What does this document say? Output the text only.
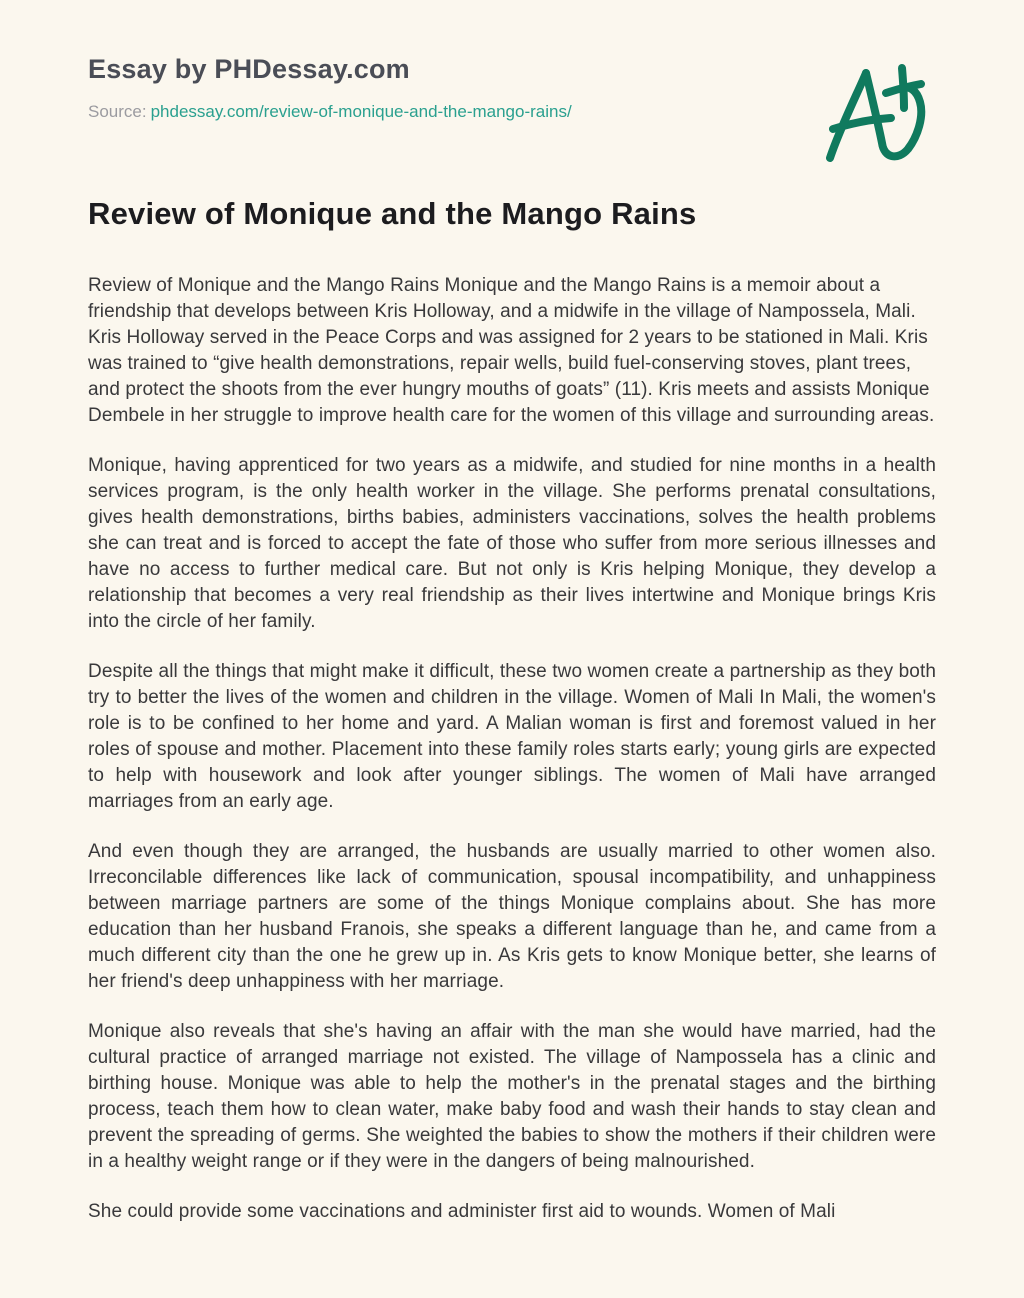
Essay by PHDessay.com
Source: phdessay.com/review-of-monique-and-the-mango-rains/
Review of Monique and the Mango Rains

Review of Monique and the Mango Rains Monique and the Mango Rains is a memoir about a friendship that develops between Kris Holloway, and a midwife in the village of Nampossela, Mali. Kris Holloway served in the Peace Corps and was assigned for 2 years to be stationed in Mali. Kris was trained to “give health demonstrations, repair wells, build fuel-conserving stoves, plant trees, and protect the shoots from the ever hungry mouths of goats” (11). Kris meets and assists Monique Dembele in her struggle to improve health care for the women of this village and surrounding areas.

Monique, having apprenticed for two years as a midwife, and studied for nine months in a health services program, is the only health worker in the village. She performs prenatal consultations, gives health demonstrations, births babies, administers vaccinations, solves the health problems she can treat and is forced to accept the fate of those who suffer from more serious illnesses and have no access to further medical care. But not only is Kris helping Monique, they develop a relationship that becomes a very real friendship as their lives intertwine and Monique brings Kris into the circle of her family.

Despite all the things that might make it difficult, these two women create a partnership as they both try to better the lives of the women and children in the village. Women of Mali In Mali, the women's role is to be confined to her home and yard. A Malian woman is first and foremost valued in her roles of spouse and mother. Placement into these family roles starts early; young girls are expected to help with housework and look after younger siblings. The women of Mali have arranged marriages from an early age.

And even though they are arranged, the husbands are usually married to other women also. Irreconcilable differences like lack of communication, spousal incompatibility, and unhappiness between marriage partners are some of the things Monique complains about. She has more education than her husband Franois, she speaks a different language than he, and came from a much different city than the one he grew up in. As Kris gets to know Monique better, she learns of her friend's deep unhappiness with her marriage.

Monique also reveals that she's having an affair with the man she would have married, had the cultural practice of arranged marriage not existed. The village of Nampossela has a clinic and birthing house. Monique was able to help the mother's in the prenatal stages and the birthing process, teach them how to clean water, make baby food and wash their hands to stay clean and prevent the spreading of germs. She weighted the babies to show the mothers if their children were in a healthy weight range or if they were in the dangers of being malnourished.

She could provide some vaccinations and administer first aid to wounds. Women of Mali
